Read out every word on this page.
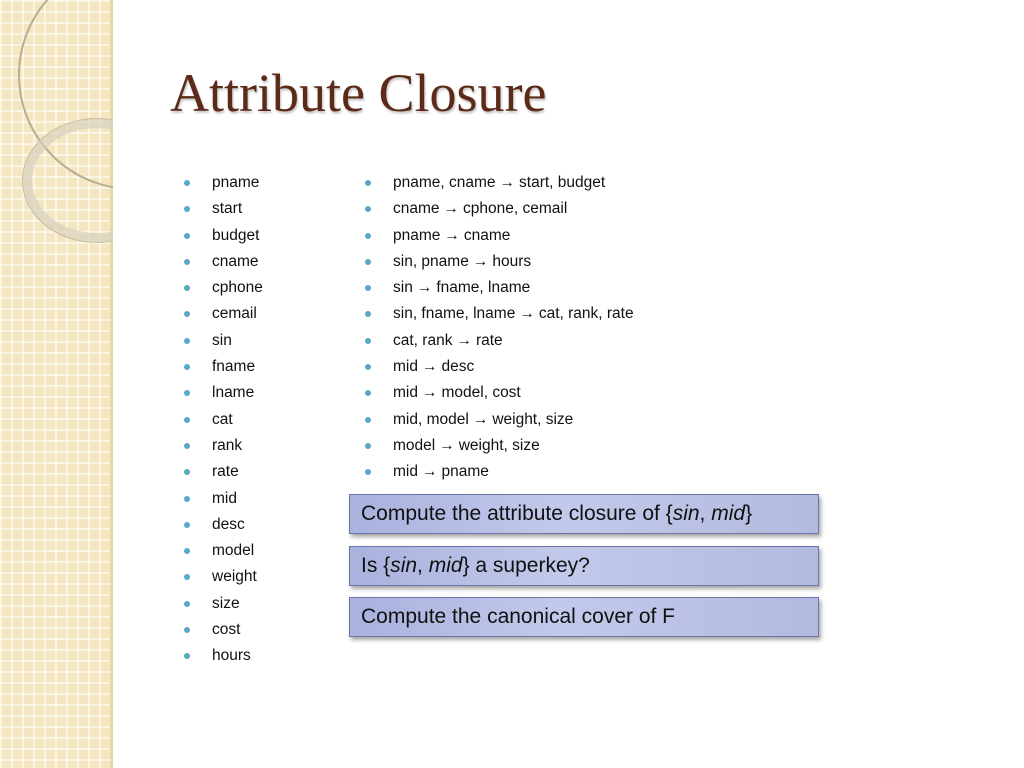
Attribute Closure
pname
start
budget
cname
cphone
cemail
sin
fname
lname
cat
rank
rate
mid
desc
model
weight
size
cost
hours
pname, cname → start, budget
cname → cphone, cemail
pname → cname
sin, pname → hours
sin → fname, lname
sin, fname, lname → cat, rank, rate
cat, rank → rate
mid → desc
mid → model, cost
mid, model → weight, size
model → weight, size
mid → pname
Compute the attribute closure of {sin, mid}
Is {sin, mid} a superkey?
Compute the canonical cover of F
